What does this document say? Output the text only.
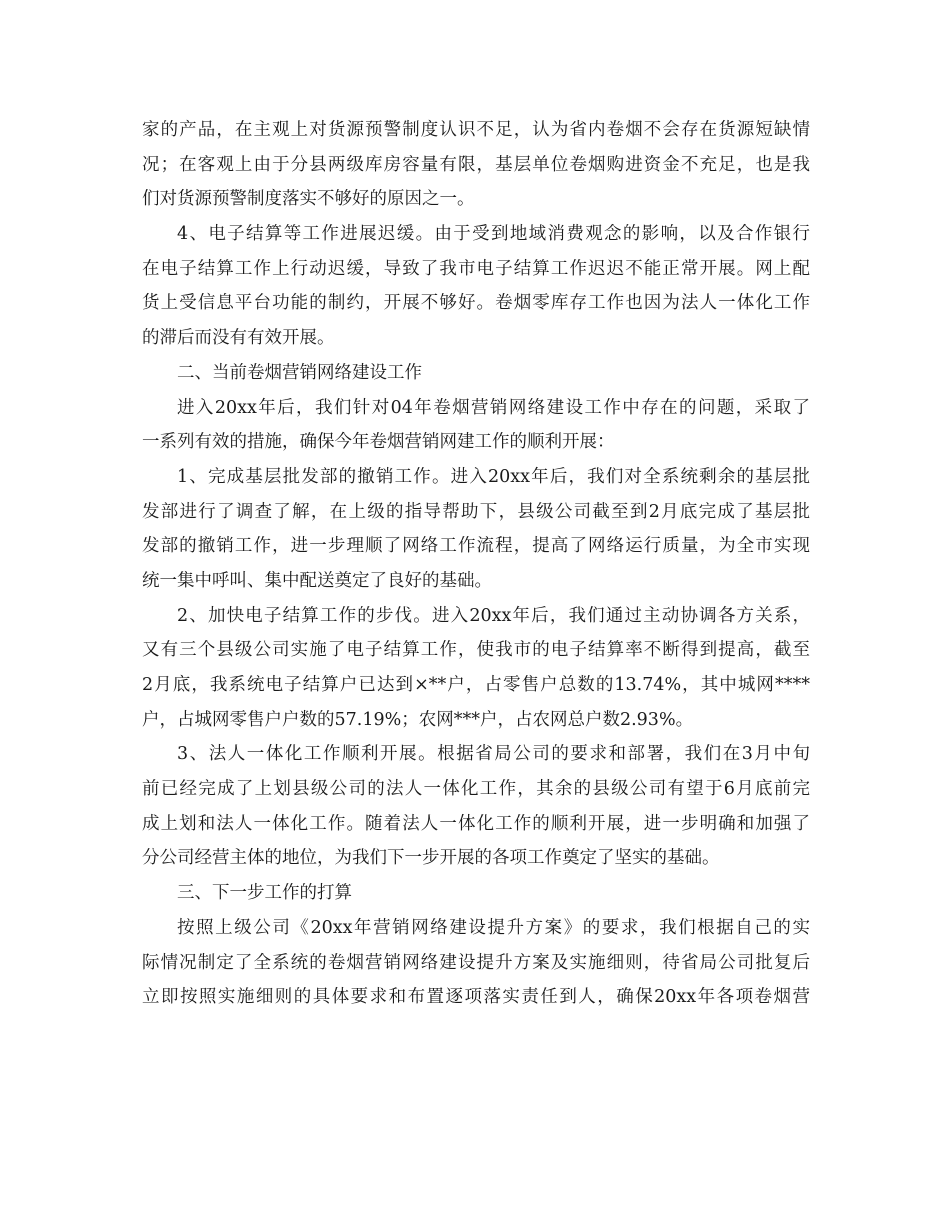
家的产品，在主观上对货源预警制度认识不足，认为省内卷烟不会存在货源短缺情
况；在客观上由于分县两级库房容量有限，基层单位卷烟购进资金不充足，也是我
们对货源预警制度落实不够好的原因之一。
4、电子结算等工作进展迟缓。由于受到地域消费观念的影响，以及合作银行
在电子结算工作上行动迟缓，导致了我市电子结算工作迟迟不能正常开展。网上配
货上受信息平台功能的制约，开展不够好。卷烟零库存工作也因为法人一体化工作
的滞后而没有有效开展。
二、当前卷烟营销网络建设工作
进入20xx年后，我们针对04年卷烟营销网络建设工作中存在的问题，采取了
一系列有效的措施，确保今年卷烟营销网建工作的顺利开展：
1、完成基层批发部的撤销工作。进入20xx年后，我们对全系统剩余的基层批
发部进行了调查了解，在上级的指导帮助下，县级公司截至到2月底完成了基层批
发部的撤销工作，进一步理顺了网络工作流程，提高了网络运行质量，为全市实现
统一集中呼叫、集中配送奠定了良好的基础。
2、加快电子结算工作的步伐。进入20xx年后，我们通过主动协调各方关系，
又有三个县级公司实施了电子结算工作，使我市的电子结算率不断得到提高，截至
2月底，我系统电子结算户已达到×**户，占零售户总数的13.74%，其中城网****
户，占城网零售户户数的57.19%；农网***户，占农网总户数2.93%。
3、法人一体化工作顺利开展。根据省局公司的要求和部署，我们在3月中旬
前已经完成了上划县级公司的法人一体化工作，其余的县级公司有望于6月底前完
成上划和法人一体化工作。随着法人一体化工作的顺利开展，进一步明确和加强了
分公司经营主体的地位，为我们下一步开展的各项工作奠定了坚实的基础。
三、下一步工作的打算
按照上级公司《20xx年营销网络建设提升方案》的要求，我们根据自己的实
际情况制定了全系统的卷烟营销网络建设提升方案及实施细则，待省局公司批复后
立即按照实施细则的具体要求和布置逐项落实责任到人，确保20xx年各项卷烟营
